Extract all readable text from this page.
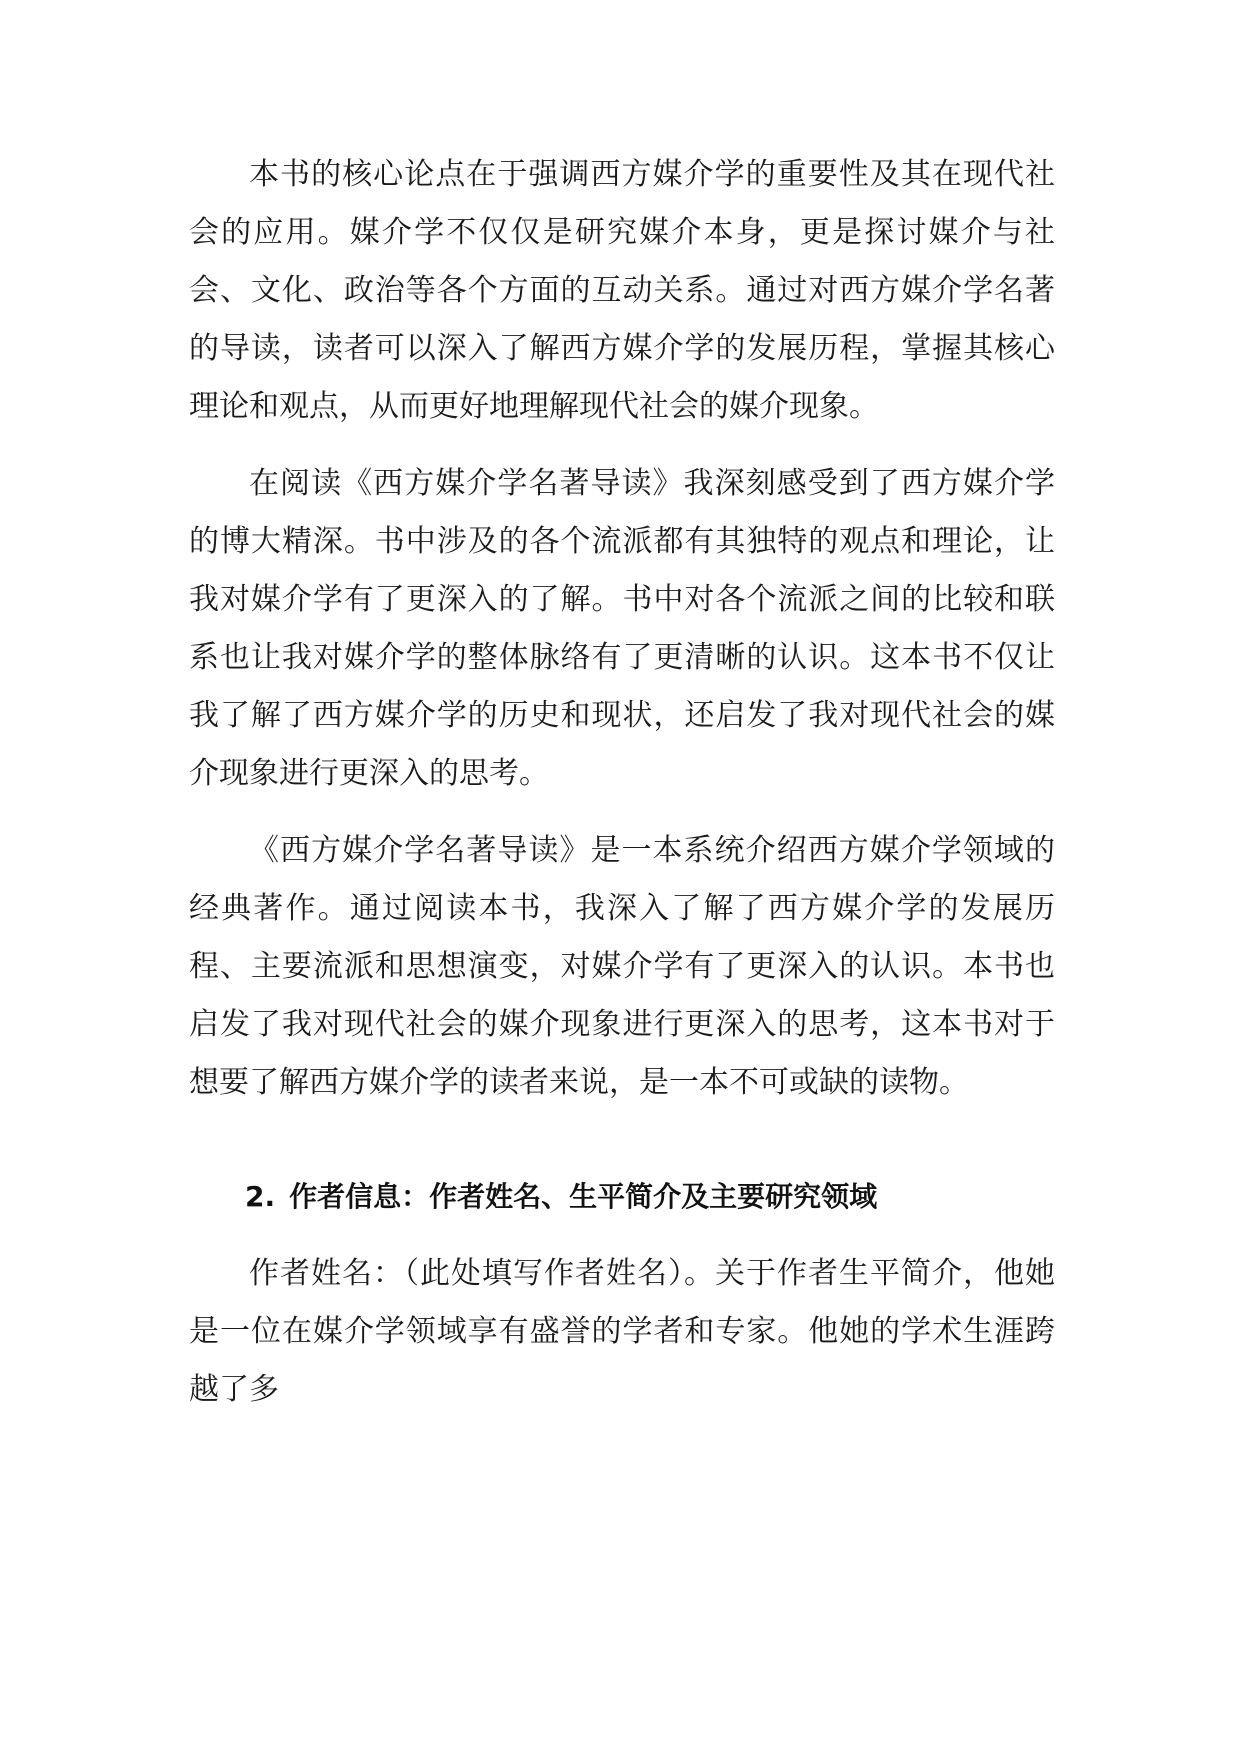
本书的核心论点在于强调西方媒介学的重要性及其在现代社会的应用。媒介学不仅仅是研究媒介本身，更是探讨媒介与社会、文化、政治等各个方面的互动关系。通过对西方媒介学名著的导读，读者可以深入了解西方媒介学的发展历程，掌握其核心理论和观点，从而更好地理解现代社会的媒介现象。

在阅读《西方媒介学名著导读》我深刻感受到了西方媒介学的博大精深。书中涉及的各个流派都有其独特的观点和理论，让我对媒介学有了更深入的了解。书中对各个流派之间的比较和联系也让我对媒介学的整体脉络有了更清晰的认识。这本书不仅让我了解了西方媒介学的历史和现状，还启发了我对现代社会的媒介现象进行更深入的思考。

《西方媒介学名著导读》是一本系统介绍西方媒介学领域的经典著作。通过阅读本书，我深入了解了西方媒介学的发展历程、主要流派和思想演变，对媒介学有了更深入的认识。本书也启发了我对现代社会的媒介现象进行更深入的思考，这本书对于想要了解西方媒介学的读者来说，是一本不可或缺的读物。

2. 作者信息：作者姓名、生平简介及主要研究领域

作者姓名：（此处填写作者姓名）。关于作者生平简介，他她是一位在媒介学领域享有盛誉的学者和专家。他她的学术生涯跨越了多
